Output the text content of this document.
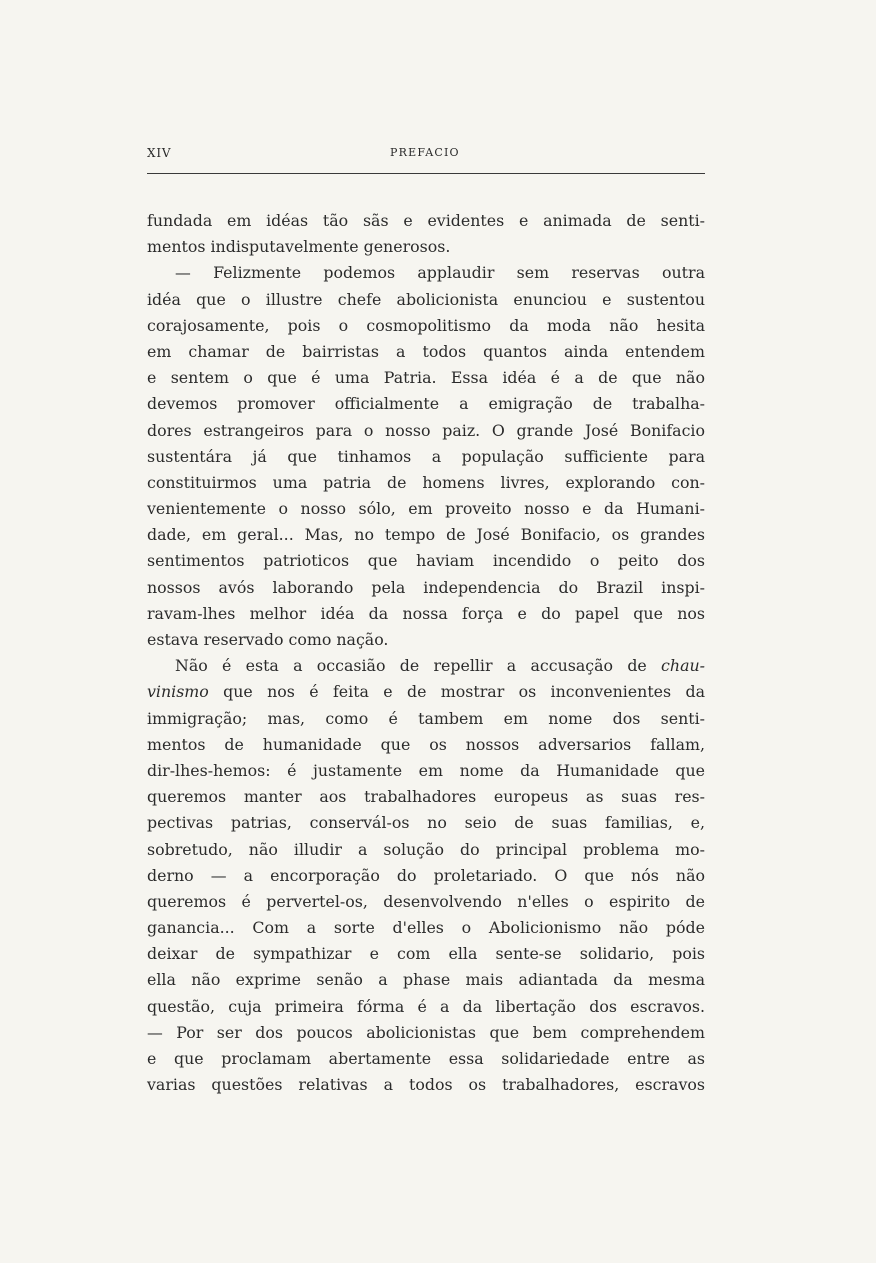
XIV	PREFACIO
fundada em idéas tão sãs e evidentes e animada de senti-
mentos indisputavelmente generosos.
— Felizmente podemos applaudir sem reservas outra
idéa que o illustre chefe abolicionista enunciou e sustentou
corajosamente, pois o cosmopolitismo da moda não hesita
em chamar de bairristas a todos quantos ainda entendem
e sentem o que é uma Patria. Essa idéa é a de que não
devemos promover officialmente a emigração de trabalha-
dores estrangeiros para o nosso paiz. O grande José Bonifacio
sustentára já que tinhamos a população sufficiente para
constituirmos uma patria de homens livres, explorando con-
venientemente o nosso sólo, em proveito nosso e da Humani-
dade, em geral... Mas, no tempo de José Bonifacio, os grandes
sentimentos patrioticos que haviam incendido o peito dos
nossos avós laborando pela independencia do Brazil inspi-
ravam-lhes melhor idéa da nossa força e do papel que nos
estava reservado como nação.
Não é esta a occasião de repellir a accusação de chau-
vinismo que nos é feita e de mostrar os inconvenientes da
immigração; mas, como é tambem em nome dos senti-
mentos de humanidade que os nossos adversarios fallam,
dir-lhes-hemos: é justamente em nome da Humanidade que
queremos manter aos trabalhadores europeus as suas res-
pectivas patrias, conservál-os no seio de suas familias, e,
sobretudo, não illudir a solução do principal problema mo-
derno — a encorporação do proletariado. O que nós não
queremos é pervertel-os, desenvolvendo n'elles o espirito de
ganancia... Com a sorte d'elles o Abolicionismo não póde
deixar de sympathizar e com ella sente-se solidario, pois
ella não exprime senão a phase mais adiantada da mesma
questão, cuja primeira fórma é a da libertação dos escravos.
— Por ser dos poucos abolicionistas que bem comprehendem
e que proclamam abertamente essa solidariedade entre as
varias questões relativas a todos os trabalhadores, escravos
